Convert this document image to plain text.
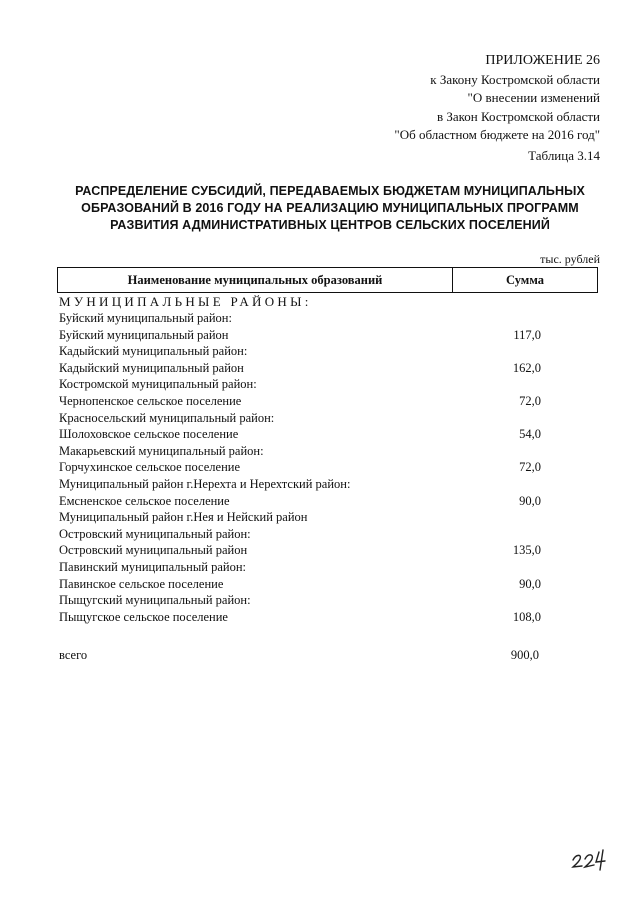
ПРИЛОЖЕНИЕ 26
к Закону Костромской области
"О внесении изменений
в Закон Костромской области
"Об областном бюджете на 2016 год"
Таблица 3.14
РАСПРЕДЕЛЕНИЕ СУБСИДИЙ, ПЕРЕДАВАЕМЫХ БЮДЖЕТАМ МУНИЦИПАЛЬНЫХ
ОБРАЗОВАНИЙ В 2016 ГОДУ НА РЕАЛИЗАЦИЮ МУНИЦИПАЛЬНЫХ ПРОГРАММ
РАЗВИТИЯ АДМИНИСТРАТИВНЫХ ЦЕНТРОВ СЕЛЬСКИХ ПОСЕЛЕНИЙ
тыс. рублей
Наименование муниципальных образований	Сумма
МУНИЦИПАЛЬНЫЕ РАЙОНЫ:
Буйский муниципальный район:
Буйский муниципальный район	117,0
Кадыйский муниципальный район:
Кадыйский муниципальный район	162,0
Костромской муниципальный район:
Чернопенское сельское поселение	72,0
Красносельский муниципальный район:
Шолоховское сельское поселение	54,0
Макарьевский муниципальный район:
Горчухинское сельское поселение	72,0
Муниципальный район г.Нерехта и Нерехтский район:
Емсненское сельское поселение	90,0
Муниципальный район г.Нея и Нейский район
Островский муниципальный район:
Островский муниципальный район	135,0
Павинский муниципальный район:
Павинское сельское поселение	90,0
Пыщугский муниципальный район:
Пыщугское сельское поселение	108,0
всего	900,0
